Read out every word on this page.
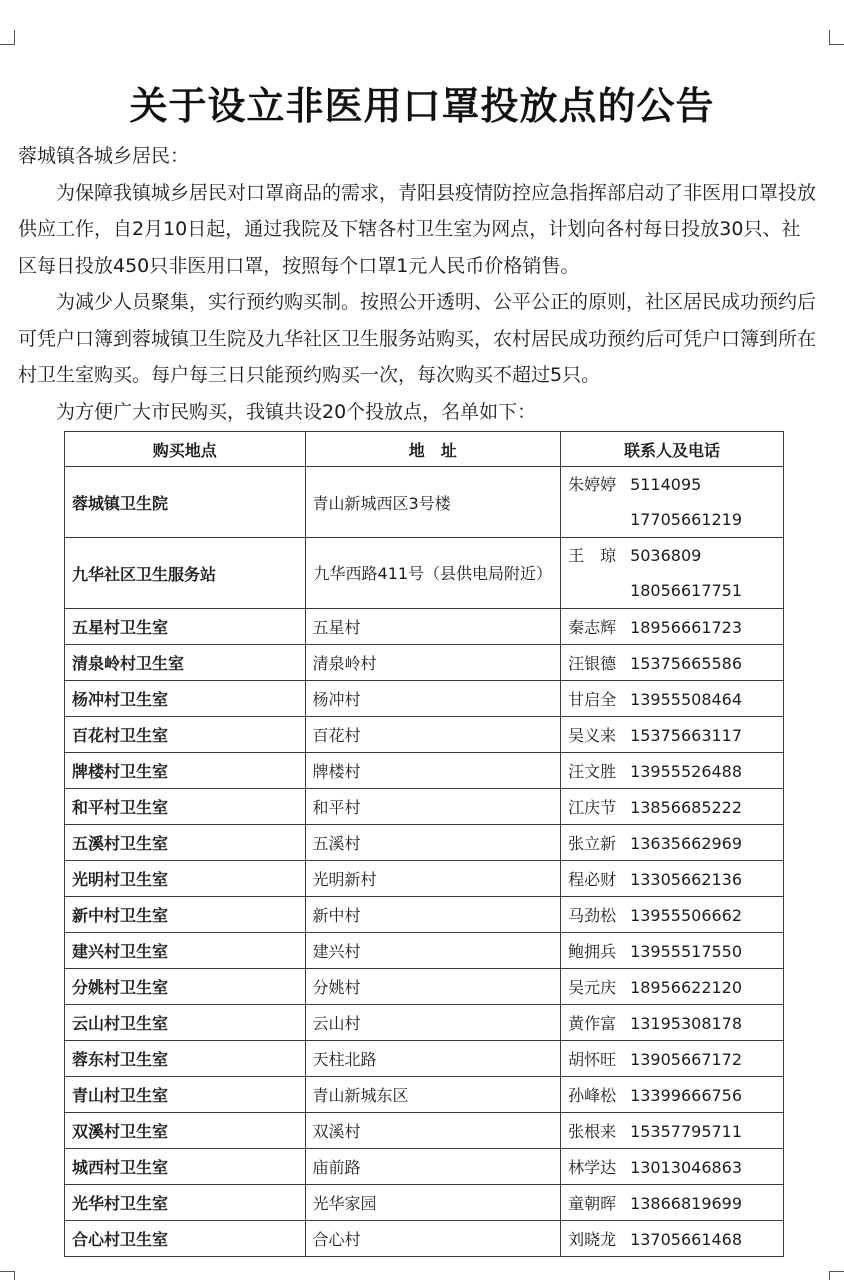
关于设立非医用口罩投放点的公告

蓉城镇各城乡居民：

为保障我镇城乡居民对口罩商品的需求，青阳县疫情防控应急指挥部启动了非医用口罩投放供应工作，自2月10日起，通过我院及下辖各村卫生室为网点，计划向各村每日投放30只、社区每日投放450只非医用口罩，按照每个口罩1元人民币价格销售。

为减少人员聚集，实行预约购买制。按照公开透明、公平公正的原则，社区居民成功预约后可凭户口簿到蓉城镇卫生院及九华社区卫生服务站购买，农村居民成功预约后可凭户口簿到所在村卫生室购买。每户每三日只能预约购买一次，每次购买不超过5只。

为方便广大市民购买，我镇共设20个投放点，名单如下：

购买地点	地　址	联系人及电话
蓉城镇卫生院	青山新城西区3号楼	朱婷婷 5114095
17705661219

九华社区卫生服务站	九华西路411号（县供电局附近）	王　琼 5036809
18056617751

五星村卫生室	五星村	秦志辉 18956661723
清泉岭村卫生室	清泉岭村	汪银德 15375665586
杨冲村卫生室	杨冲村	甘启全 13955508464
百花村卫生室	百花村	吴义来 15375663117
牌楼村卫生室	牌楼村	汪文胜 13955526488
和平村卫生室	和平村	江庆节 13856685222
五溪村卫生室	五溪村	张立新 13635662969
光明村卫生室	光明新村	程必财 13305662136
新中村卫生室	新中村	马劲松 13955506662
建兴村卫生室	建兴村	鲍拥兵 13955517550
分姚村卫生室	分姚村	吴元庆 18956622120
云山村卫生室	云山村	黄作富 13195308178
蓉东村卫生室	天柱北路	胡怀旺 13905667172
青山村卫生室	青山新城东区	孙峰松 13399666756
双溪村卫生室	双溪村	张根来 15357795711
城西村卫生室	庙前路	林学达 13013046863
光华村卫生室	光华家园	童朝晖 13866819699
合心村卫生室	合心村	刘晓龙 13705661468
